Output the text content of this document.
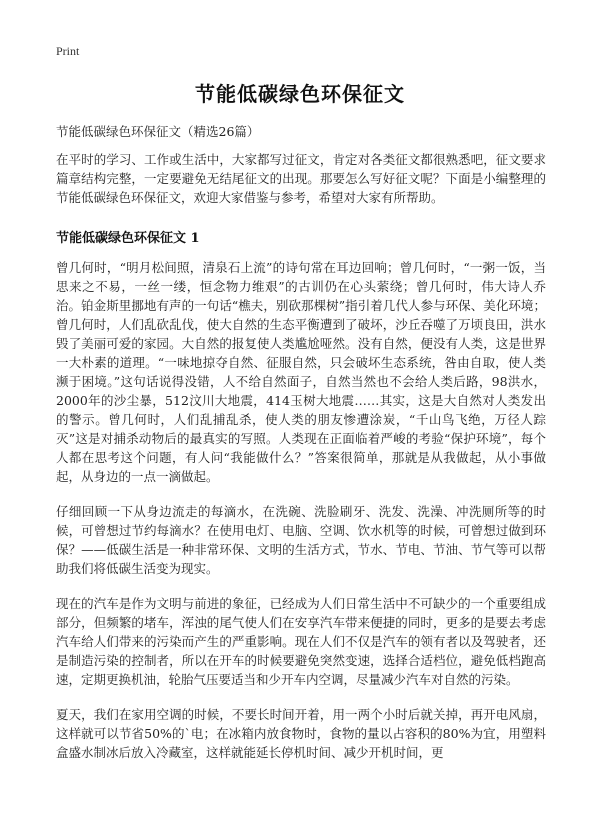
Print
节能低碳绿色环保征文
节能低碳绿色环保征文（精选26篇）

在平时的学习、工作或生活中，大家都写过征文，肯定对各类征文都很熟悉吧，征文要求篇章结构完整，一定要避免无结尾征文的出现。那要怎么写好征文呢？下面是小编整理的节能低碳绿色环保征文，欢迎大家借鉴与参考，希望对大家有所帮助。

节能低碳绿色环保征文 1

曾几何时，“明月松间照，清泉石上流”的诗句常在耳边回响；曾几何时，“一粥一饭，当思来之不易，一丝一缕，恒念物力维艰”的古训仍在心头萦绕；曾几何时，伟大诗人乔治。铂金斯里挪地有声的一句话“樵夫，别砍那棵树”指引着几代人参与环保、美化环境；曾几何时，人们乱砍乱伐，使大自然的生态平衡遭到了破坏，沙丘吞噬了万顷良田，洪水毁了美丽可爱的家园。大自然的报复使人类尴尬哑然。没有自然，便没有人类，这是世界一大朴素的道理。“一味地掠夺自然、征服自然，只会破坏生态系统，咎由自取，使人类濒于困境。”这句话说得没错，人不给自然面子，自然当然也不会给人类后路，98洪水，2000年的沙尘暴，512汶川大地震，414玉树大地震……其实，这是大自然对人类发出的警示。曾几何时，人们乱捕乱杀，使人类的朋友惨遭涂炭，“千山鸟飞绝，万径人踪灭”这是对捕杀动物后的最真实的写照。人类现在正面临着严峻的考验“保护环境”，每个人都在思考这个问题，有人问“我能做什么？”答案很简单，那就是从我做起，从小事做起，从身边的一点一滴做起。

仔细回顾一下从身边流走的每滴水，在洗碗、洗脸刷牙、洗发、洗澡、冲洗厕所等的时候，可曾想过节约每滴水？在使用电灯、电脑、空调、饮水机等的时候，可曾想过做到环保？——低碳生活是一种非常环保、文明的生活方式，节水、节电、节油、节气等可以帮助我们将低碳生活变为现实。

现在的汽车是作为文明与前进的象征，已经成为人们日常生活中不可缺少的一个重要组成部分，但频繁的堵车，浑浊的尾气使人们在安享汽车带来便捷的同时，更多的是要去考虑汽车给人们带来的污染而产生的严重影响。现在人们不仅是汽车的领有者以及驾驶者，还是制造污染的控制者，所以在开车的时候要避免突然变速，选择合适档位，避免低档跑高速，定期更换机油，轮胎气压要适当和少开车内空调，尽量减少汽车对自然的污染。

夏天，我们在家用空调的时候，不要长时间开着，用一两个小时后就关掉，再开电风扇，这样就可以节省50%的`电；在冰箱内放食物时，食物的量以占容积的80%为宜，用塑料盒盛水制冰后放入冷藏室，这样就能延长停机时间、减少开机时间，更
